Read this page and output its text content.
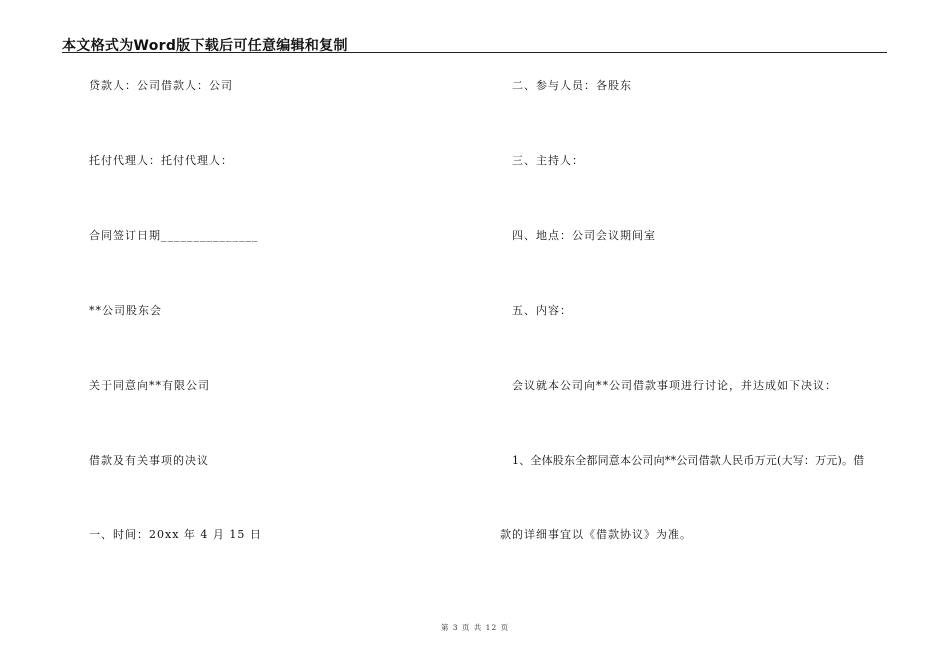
本文格式为Word版下载后可任意编辑和复制
贷款人：公司借款人：公司
托付代理人：托付代理人：
合同签订日期_______________
**公司股东会
关于同意向**有限公司
借款及有关事项的决议
一、时间：20xx 年 4 月 15 日
二、参与人员：各股东
三、主持人：
四、地点：公司会议期间室
五、内容：
会议就本公司向**公司借款事项进行讨论，并达成如下决议：
1、全体股东全都同意本公司向**公司借款人民币万元(大写：万元)。借
款的详细事宜以《借款协议》为准。
第 3 页 共 12 页
